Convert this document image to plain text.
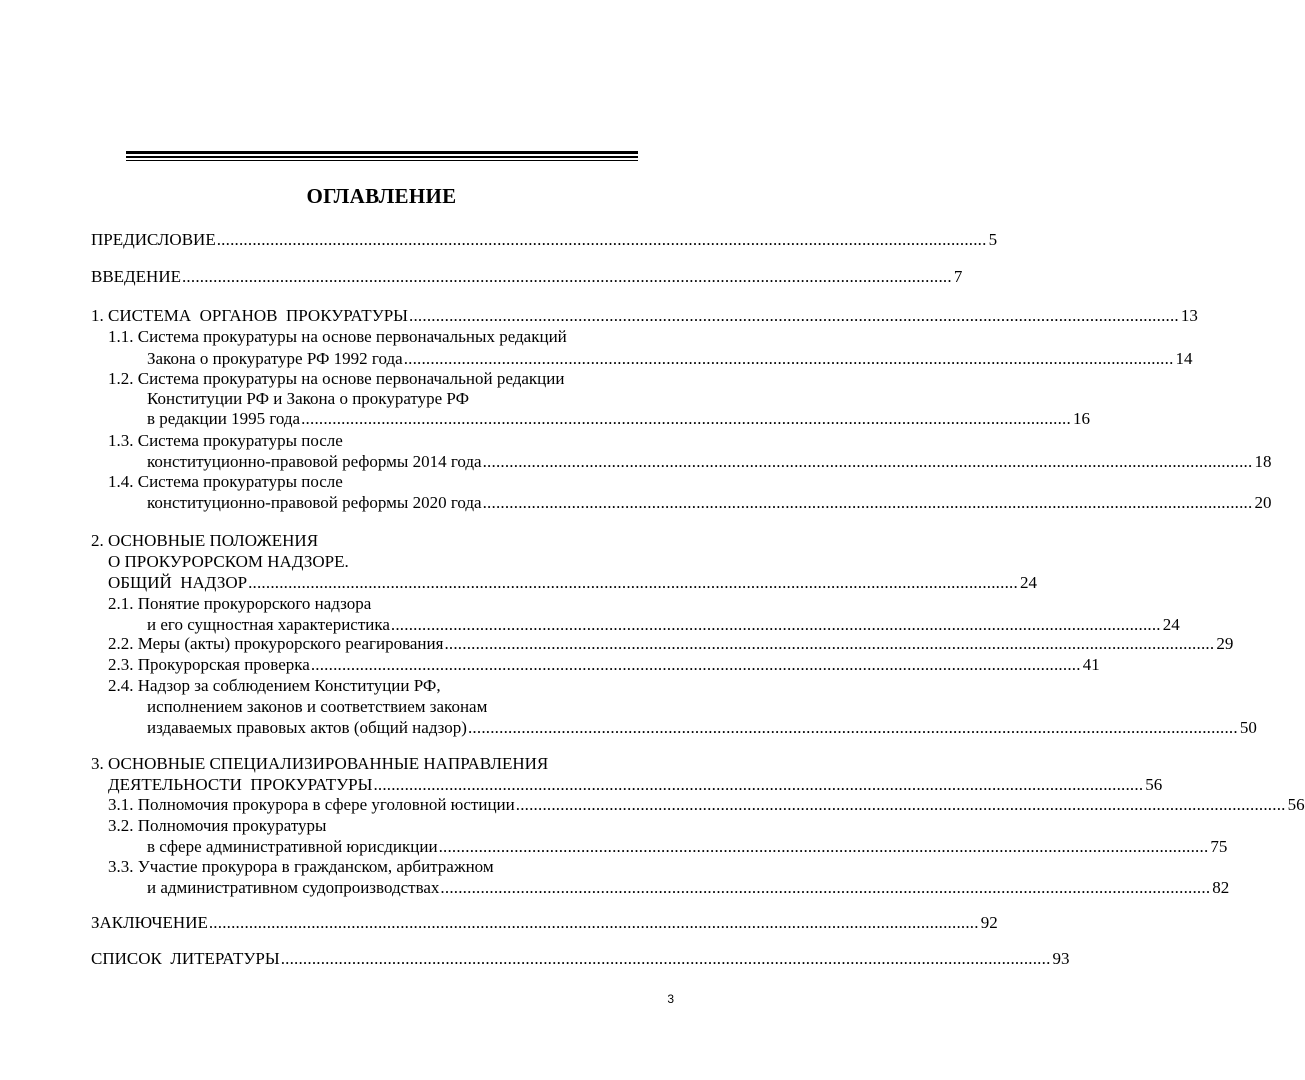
ОГЛАВЛЕНИЕ
ПРЕДИСЛОВИЕ ............................................................................................................................................................................. 5
ВВЕДЕНИЕ ............................................................................................................................................................................. 7
1. СИСТЕМА  ОРГАНОВ  ПРОКУРАТУРЫ ............................................................................................................................................................................. 13
1.1. Система прокуратуры на основе первоначальных редакций
Закона о прокуратуре РФ 1992 года ............................................................................................................................................................................. 14
1.2. Система прокуратуры на основе первоначальной редакции
Конституции РФ и Закона о прокуратуре РФ
в редакции 1995 года ............................................................................................................................................................................. 16
1.3. Система прокуратуры после
конституционно-правовой реформы 2014 года ............................................................................................................................................................................. 18
1.4. Система прокуратуры после
конституционно-правовой реформы 2020 года ............................................................................................................................................................................. 20
2. ОСНОВНЫЕ ПОЛОЖЕНИЯ
О ПРОКУРОРСКОМ НАДЗОРЕ.
ОБЩИЙ  НАДЗОР ............................................................................................................................................................................. 24
2.1. Понятие прокурорского надзора
и его сущностная характеристика ............................................................................................................................................................................. 24
2.2. Меры (акты) прокурорского реагирования ............................................................................................................................................................................. 29
2.3. Прокурорская проверка ............................................................................................................................................................................. 41
2.4. Надзор за соблюдением Конституции РФ,
исполнением законов и соответствием законам
издаваемых правовых актов (общий надзор) ............................................................................................................................................................................. 50
3. ОСНОВНЫЕ СПЕЦИАЛИЗИРОВАННЫЕ НАПРАВЛЕНИЯ
ДЕЯТЕЛЬНОСТИ  ПРОКУРАТУРЫ ............................................................................................................................................................................. 56
3.1. Полномочия прокурора в сфере уголовной юстиции ............................................................................................................................................................................. 56
3.2. Полномочия прокуратуры
в сфере административной юрисдикции ............................................................................................................................................................................. 75
3.3. Участие прокурора в гражданском, арбитражном
и административном судопроизводствах ............................................................................................................................................................................. 82
ЗАКЛЮЧЕНИЕ ............................................................................................................................................................................. 92
СПИСОК  ЛИТЕРАТУРЫ ............................................................................................................................................................................. 93
3
